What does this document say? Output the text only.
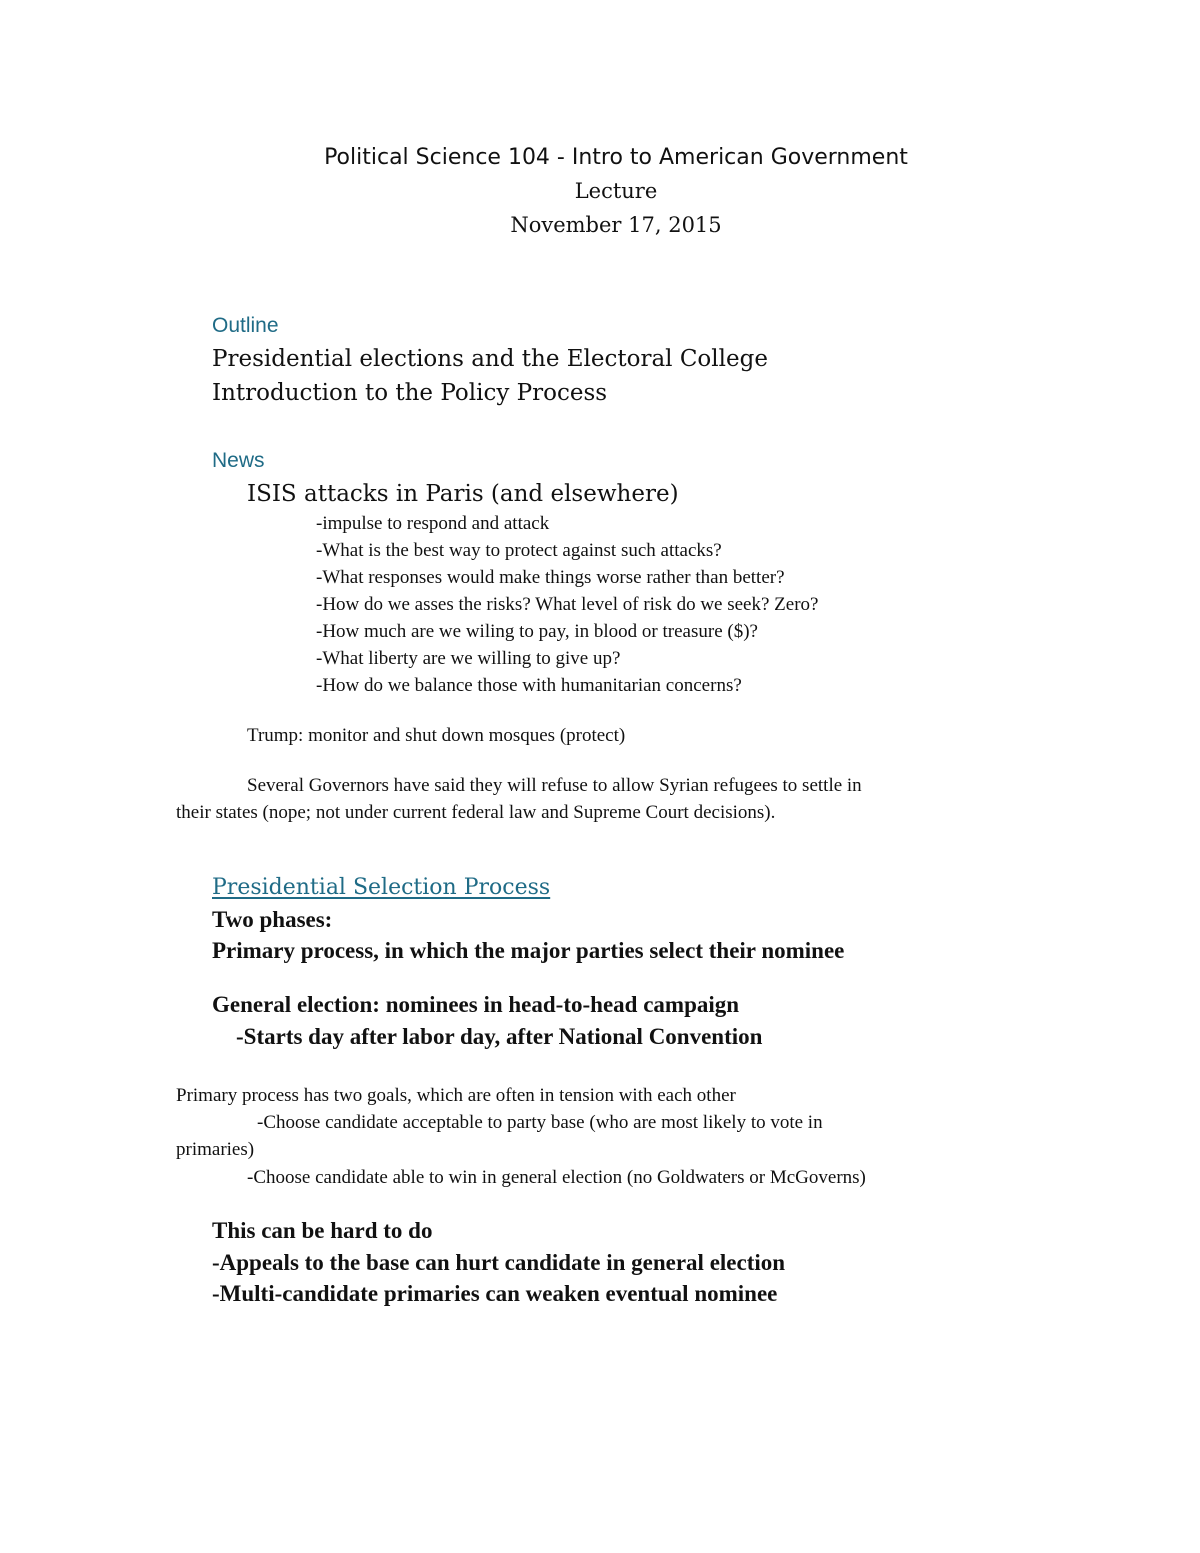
Political Science 104 - Intro to American Government
Lecture
November 17, 2015
Outline
Presidential elections and the Electoral College
Introduction to the Policy Process
News
ISIS attacks in Paris (and elsewhere)
-impulse to respond and attack
-What is the best way to protect against such attacks?
-What responses would make things worse rather than better?
-How do we asses the risks? What level of risk do we seek? Zero?
-How much are we wiling to pay, in blood or treasure ($)?
-What liberty are we willing to give up?
-How do we balance those with humanitarian concerns?
Trump: monitor and shut down mosques (protect)
Several Governors have said they will refuse to allow Syrian refugees to settle in
their states (nope; not under current federal law and Supreme Court decisions).
Presidential Selection Process
Two phases:
Primary process, in which the major parties select their nominee
General election: nominees in head-to-head campaign
-Starts day after labor day, after National Convention
Primary process has two goals, which are often in tension with each other
-Choose candidate acceptable to party base (who are most likely to vote in
primaries)
-Choose candidate able to win in general election (no Goldwaters or McGoverns)
This can be hard to do
-Appeals to the base can hurt candidate in general election
-Multi-candidate primaries can weaken eventual nominee
